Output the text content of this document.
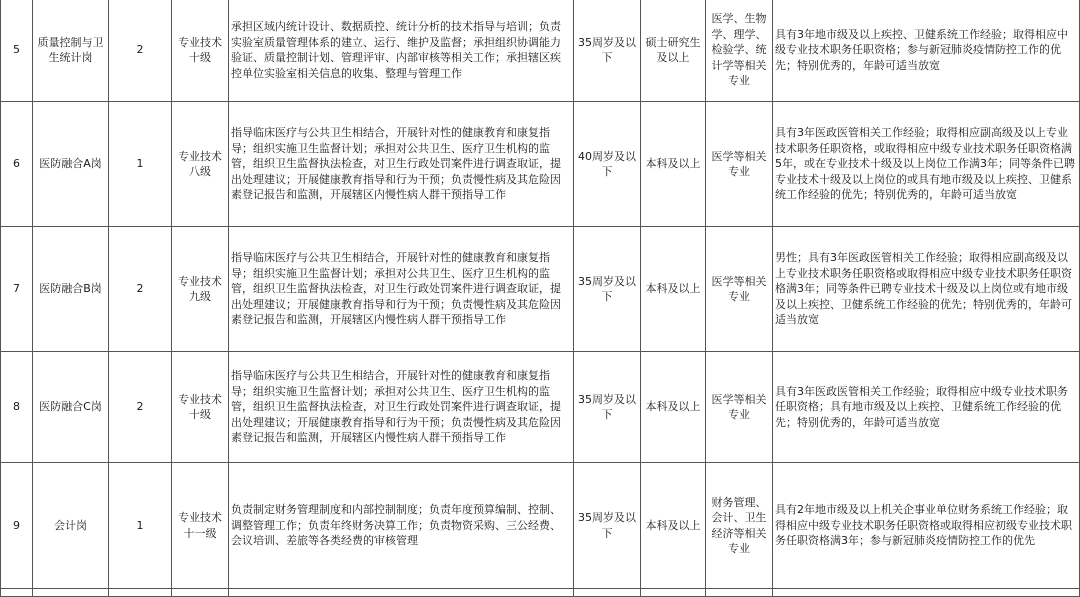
5	质量控制与卫生统计岗	2	专业技术十级	承担区域内统计设计、数据质控、统计分析的技术指导与培训；负责实验室质量管理体系的建立、运行、维护及监督；承担组织协调能力验证、质量控制计划、管理评审、内部审核等相关工作；承担辖区疾控单位实验室相关信息的收集、整理与管理工作	35周岁及以下	硕士研究生及以上	医学、生物学、理学、检验学、统计学等相关专业	具有3年地市级及以上疾控、卫健系统工作经验；取得相应中级专业技术职务任职资格；参与新冠肺炎疫情防控工作的优先；特别优秀的，年龄可适当放宽
6	医防融合A岗	1	专业技术八级	指导临床医疗与公共卫生相结合，开展针对性的健康教育和康复指导；组织实施卫生监督计划；承担对公共卫生、医疗卫生机构的监管，组织卫生监督执法检查，对卫生行政处罚案件进行调查取证，提出处理建议；开展健康教育指导和行为干预；负责慢性病及其危险因素登记报告和监测，开展辖区内慢性病人群干预指导工作	40周岁及以下	本科及以上	医学等相关专业	具有3年医政医管相关工作经验；取得相应副高级及以上专业技术职务任职资格，或取得相应中级专业技术职务任职资格满5年，或在专业技术十级及以上岗位工作满3年；同等条件已聘专业技术十级及以上岗位的或具有地市级及以上疾控、卫健系统工作经验的优先；特别优秀的，年龄可适当放宽
7	医防融合B岗	2	专业技术九级	指导临床医疗与公共卫生相结合，开展针对性的健康教育和康复指导；组织实施卫生监督计划；承担对公共卫生、医疗卫生机构的监管，组织卫生监督执法检查，对卫生行政处罚案件进行调查取证，提出处理建议；开展健康教育指导和行为干预；负责慢性病及其危险因素登记报告和监测，开展辖区内慢性病人群干预指导工作	35周岁及以下	本科及以上	医学等相关专业	男性；具有3年医政医管相关工作经验；取得相应副高级及以上专业技术职务任职资格或取得相应中级专业技术职务任职资格满3年；同等条件已聘专业技术十级及以上岗位或有地市级及以上疾控、卫健系统工作经验的优先；特别优秀的，年龄可适当放宽
8	医防融合C岗	2	专业技术十级	指导临床医疗与公共卫生相结合，开展针对性的健康教育和康复指导；组织实施卫生监督计划；承担对公共卫生、医疗卫生机构的监管，组织卫生监督执法检查，对卫生行政处罚案件进行调查取证，提出处理建议；开展健康教育指导和行为干预；负责慢性病及其危险因素登记报告和监测，开展辖区内慢性病人群干预指导工作	35周岁及以下	本科及以上	医学等相关专业	具有3年医政医管相关工作经验；取得相应中级专业技术职务任职资格；具有地市级及以上疾控、卫健系统工作经验的优先；特别优秀的，年龄可适当放宽
9	会计岗	1	专业技术十一级	负责制定财务管理制度和内部控制制度；负责年度预算编制、控制、调整管理工作；负责年终财务决算工作；负责物资采购、三公经费、会议培训、差旅等各类经费的审核管理	35周岁及以下	本科及以上	财务管理、会计、卫生经济等相关专业	具有2年地市级及以上机关企事业单位财务系统工作经验；取得相应中级专业技术职务任职资格或取得相应初级专业技术职务任职资格满3年；参与新冠肺炎疫情防控工作的优先
